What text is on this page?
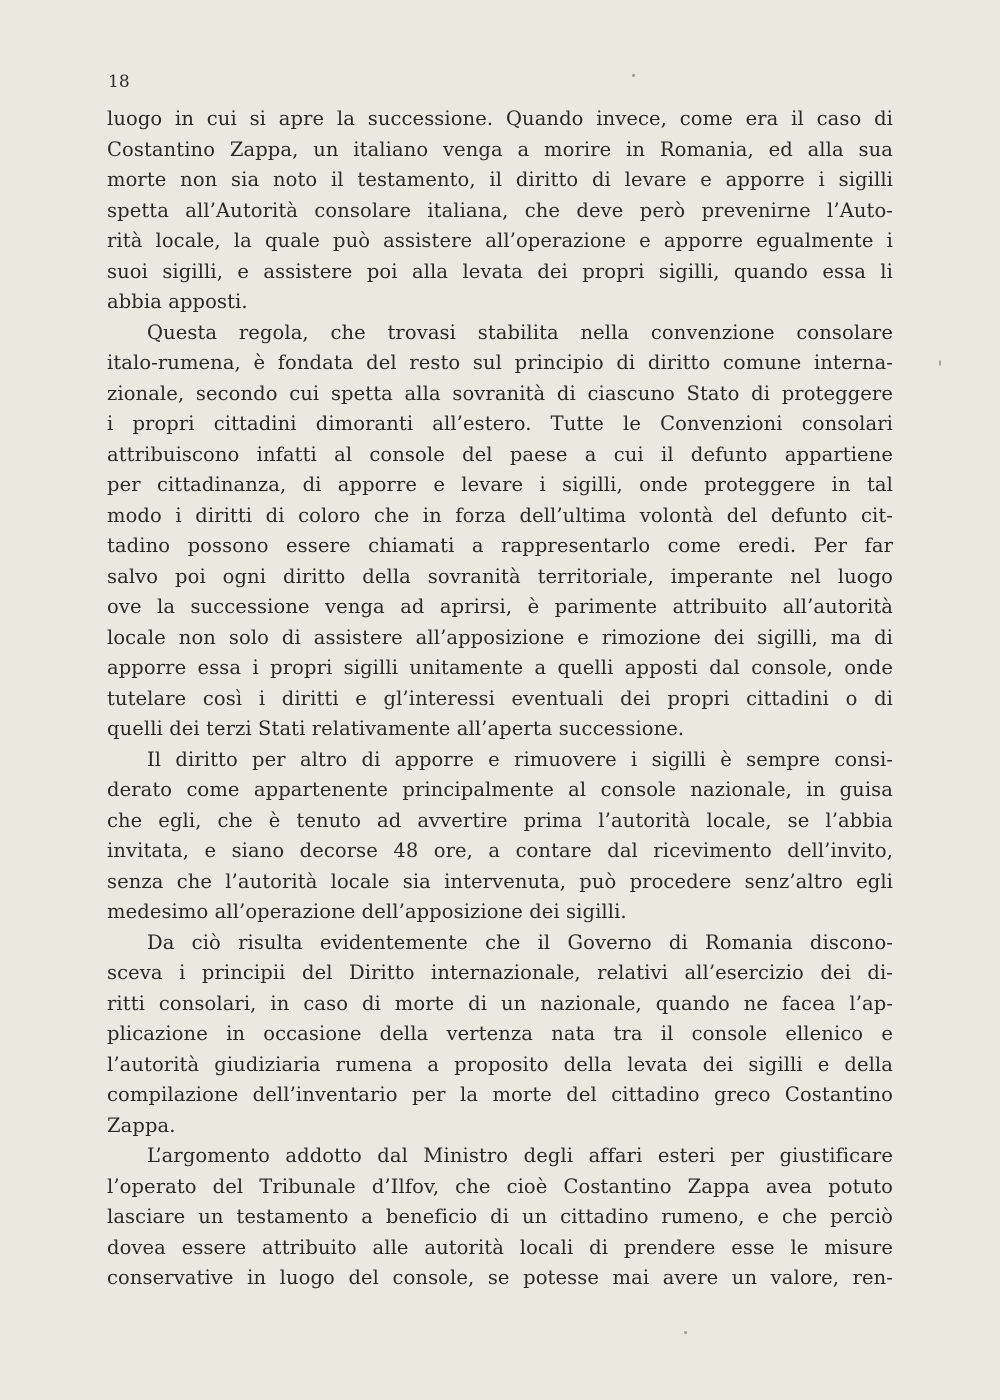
18
luogo in cui si apre la successione. Quando invece, come era il caso di
Costantino Zappa, un italiano venga a morire in Romania, ed alla sua
morte non sia noto il testamento, il diritto di levare e apporre i sigilli
spetta all’Autorità consolare italiana, che deve però prevenirne l’Auto-
rità locale, la quale può assistere all’operazione e apporre egualmente i
suoi sigilli, e assistere poi alla levata dei propri sigilli, quando essa li
abbia apposti.
Questa regola, che trovasi stabilita nella convenzione consolare
italo-rumena, è fondata del resto sul principio di diritto comune interna-
zionale, secondo cui spetta alla sovranità di ciascuno Stato di proteggere
i propri cittadini dimoranti all’estero. Tutte le Convenzioni consolari
attribuiscono infatti al console del paese a cui il defunto appartiene
per cittadinanza, di apporre e levare i sigilli, onde proteggere in tal
modo i diritti di coloro che in forza dell’ultima volontà del defunto cit-
tadino possono essere chiamati a rappresentarlo come eredi. Per far
salvo poi ogni diritto della sovranità territoriale, imperante nel luogo
ove la successione venga ad aprirsi, è parimente attribuito all’autorità
locale non solo di assistere all’apposizione e rimozione dei sigilli, ma di
apporre essa i propri sigilli unitamente a quelli apposti dal console, onde
tutelare così i diritti e gl’interessi eventuali dei propri cittadini o di
quelli dei terzi Stati relativamente all’aperta successione.
Il diritto per altro di apporre e rimuovere i sigilli è sempre consi-
derato come appartenente principalmente al console nazionale, in guisa
che egli, che è tenuto ad avvertire prima l’autorità locale, se l’abbia
invitata, e siano decorse 48 ore, a contare dal ricevimento dell’invito,
senza che l’autorità locale sia intervenuta, può procedere senz’altro egli
medesimo all’operazione dell’apposizione dei sigilli.
Da ciò risulta evidentemente che il Governo di Romania discono-
sceva i principii del Diritto internazionale, relativi all’esercizio dei di-
ritti consolari, in caso di morte di un nazionale, quando ne facea l’ap-
plicazione in occasione della vertenza nata tra il console ellenico e
l’autorità giudiziaria rumena a proposito della levata dei sigilli e della
compilazione dell’inventario per la morte del cittadino greco Costantino
Zappa.
L’argomento addotto dal Ministro degli affari esteri per giustificare
l’operato del Tribunale d’Ilfov, che cioè Costantino Zappa avea potuto
lasciare un testamento a beneficio di un cittadino rumeno, e che perciò
dovea essere attribuito alle autorità locali di prendere esse le misure
conservative in luogo del console, se potesse mai avere un valore, ren-
